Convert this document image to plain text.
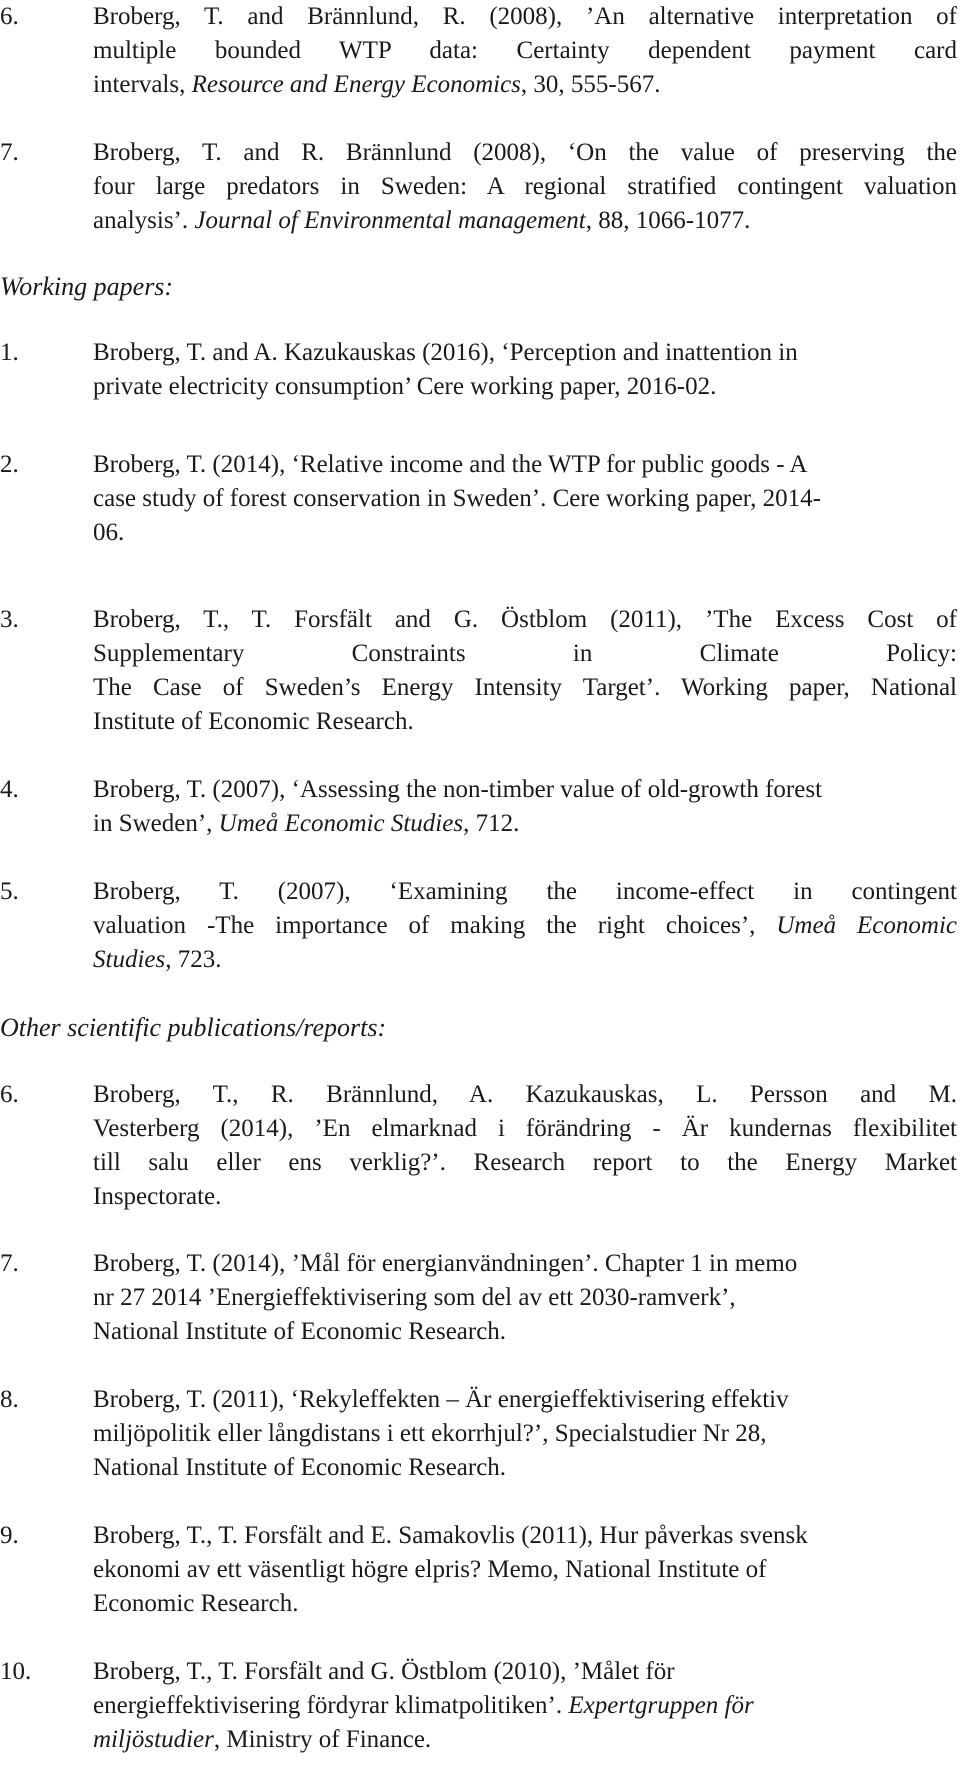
6.	Broberg, T. and Brännlund, R. (2008), ’An alternative interpretation of
multiple bounded WTP data: Certainty dependent payment card
intervals, Resource and Energy Economics, 30, 555-567.
7.	Broberg, T. and R. Brännlund (2008), ‘On the value of preserving the
four large predators in Sweden: A regional stratified contingent valuation
analysis’. Journal of Environmental management, 88, 1066-1077.
Working papers:
1.	Broberg, T. and A. Kazukauskas (2016), ‘Perception and inattention in
private electricity consumption’ Cere working paper, 2016-02.
2.	Broberg, T. (2014), ‘Relative income and the WTP for public goods - A
case study of forest conservation in Sweden’. Cere working paper, 2014-
06.
3.	Broberg, T., T. Forsfält and G. Östblom (2011), ’The Excess Cost of
Supplementary Constraints in Climate Policy:
The Case of Sweden’s Energy Intensity Target’. Working paper, National
Institute of Economic Research.
4.	Broberg, T. (2007), ‘Assessing the non-timber value of old-growth forest
in Sweden’, Umeå Economic Studies, 712.
5.	Broberg, T. (2007), ‘Examining the income-effect in contingent
valuation -The importance of making the right choices’, Umeå Economic
Studies, 723.
Other scientific publications/reports:
6.	Broberg, T., R. Brännlund, A. Kazukauskas, L. Persson and M.
Vesterberg (2014), ’En elmarknad i förändring - Är kundernas flexibilitet
till salu eller ens verklig?’. Research report to the Energy Market
Inspectorate.
7.	Broberg, T. (2014), ’Mål för energianvändningen’. Chapter 1 in memo
nr 27 2014 ’Energieffektivisering som del av ett 2030-ramverk’,
National Institute of Economic Research.
8.	Broberg, T. (2011), ‘Rekyleffekten – Är energieffektivisering effektiv
miljöpolitik eller långdistans i ett ekorrhjul?’, Specialstudier Nr 28,
National Institute of Economic Research.
9.	Broberg, T., T. Forsfält and E. Samakovlis (2011), Hur påverkas svensk
ekonomi av ett väsentligt högre elpris? Memo, National Institute of
Economic Research.
10. Broberg, T., T. Forsfält and G. Östblom (2010), ’Målet för
energieffektivisering fördyrar klimatpolitiken’. Expertgruppen för
miljöstudier, Ministry of Finance.
